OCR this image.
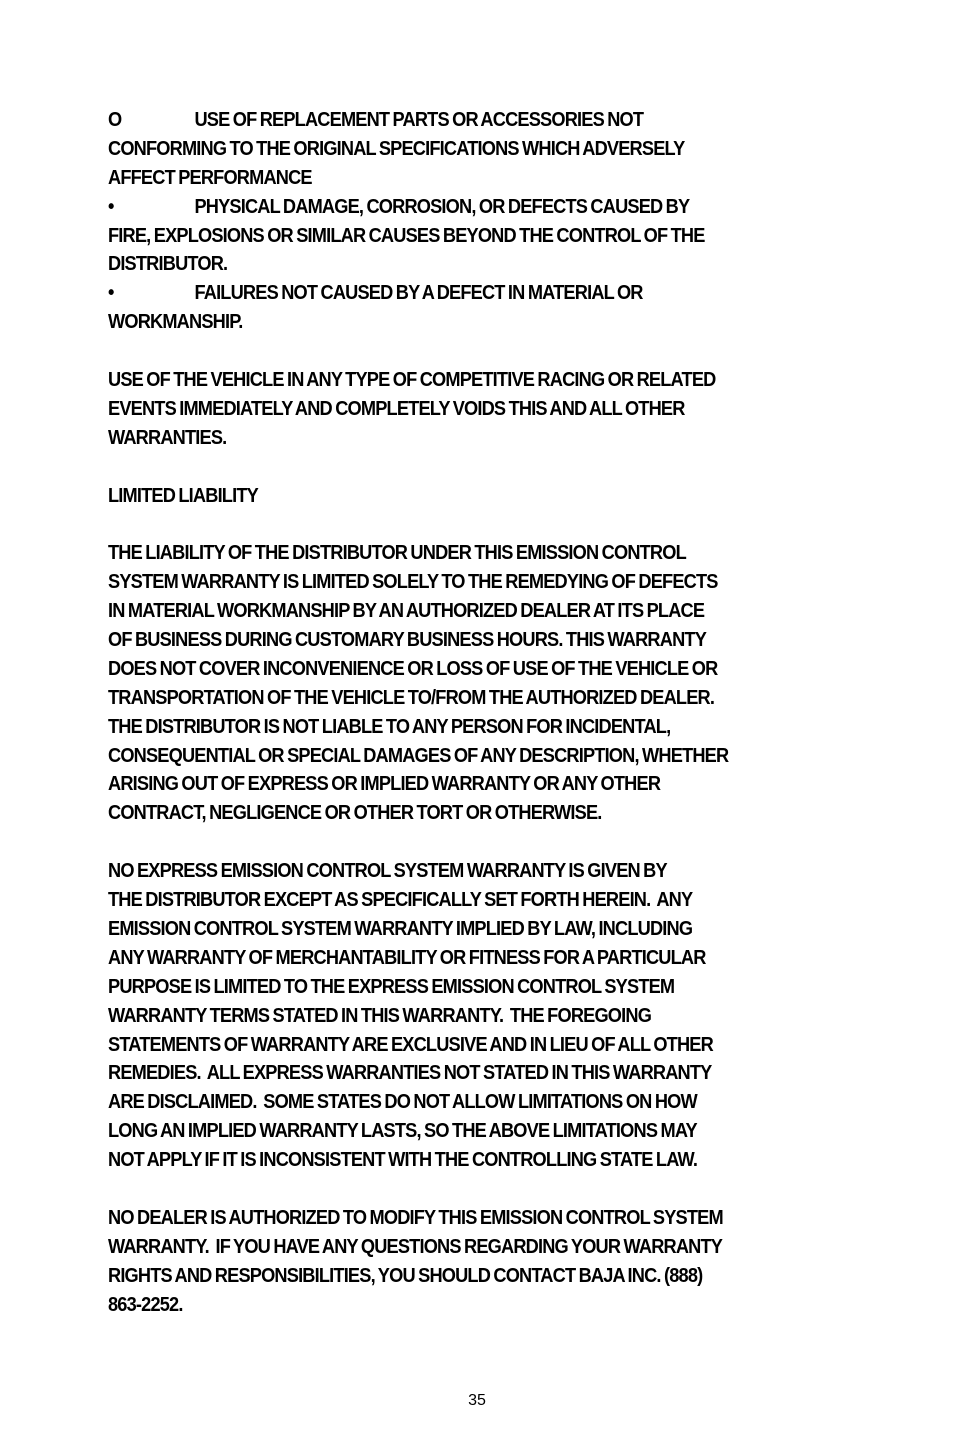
O	USE OF REPLACEMENT PARTS OR ACCESSORIES NOT
CONFORMING TO THE ORIGINAL SPECIFICATIONS WHICH ADVERSELY
AFFECT PERFORMANCE
•	PHYSICAL DAMAGE, CORROSION, OR DEFECTS CAUSED BY
FIRE, EXPLOSIONS OR SIMILAR CAUSES BEYOND THE CONTROL OF THE
DISTRIBUTOR.
•	FAILURES NOT CAUSED BY A DEFECT IN MATERIAL OR
WORKMANSHIP.
USE OF THE VEHICLE IN ANY TYPE OF COMPETITIVE RACING OR RELATED
EVENTS IMMEDIATELY AND COMPLETELY VOIDS THIS AND ALL OTHER
WARRANTIES.
LIMITED LIABILITY
THE LIABILITY OF THE DISTRIBUTOR UNDER THIS EMISSION CONTROL
SYSTEM WARRANTY IS LIMITED SOLELY TO THE REMEDYING OF DEFECTS
IN MATERIAL WORKMANSHIP BY AN AUTHORIZED DEALER AT ITS PLACE
OF BUSINESS DURING CUSTOMARY BUSINESS HOURS. THIS WARRANTY
DOES NOT COVER INCONVENIENCE OR LOSS OF USE OF THE VEHICLE OR
TRANSPORTATION OF THE VEHICLE TO/FROM THE AUTHORIZED DEALER.
THE DISTRIBUTOR IS NOT LIABLE TO ANY PERSON FOR INCIDENTAL,
CONSEQUENTIAL OR SPECIAL DAMAGES OF ANY DESCRIPTION, WHETHER
ARISING OUT OF EXPRESS OR IMPLIED WARRANTY OR ANY OTHER
CONTRACT, NEGLIGENCE OR OTHER TORT OR OTHERWISE.
NO EXPRESS EMISSION CONTROL SYSTEM WARRANTY IS GIVEN BY
THE DISTRIBUTOR EXCEPT AS SPECIFICALLY SET FORTH HEREIN.  ANY
EMISSION CONTROL SYSTEM WARRANTY IMPLIED BY LAW, INCLUDING
ANY WARRANTY OF MERCHANTABILITY OR FITNESS FOR A PARTICULAR
PURPOSE IS LIMITED TO THE EXPRESS EMISSION CONTROL SYSTEM
WARRANTY TERMS STATED IN THIS WARRANTY.  THE FOREGOING
STATEMENTS OF WARRANTY ARE EXCLUSIVE AND IN LIEU OF ALL OTHER
REMEDIES.  ALL EXPRESS WARRANTIES NOT STATED IN THIS WARRANTY
ARE DISCLAIMED.  SOME STATES DO NOT ALLOW LIMITATIONS ON HOW
LONG AN IMPLIED WARRANTY LASTS, SO THE ABOVE LIMITATIONS MAY
NOT APPLY IF IT IS INCONSISTENT WITH THE CONTROLLING STATE LAW.
NO DEALER IS AUTHORIZED TO MODIFY THIS EMISSION CONTROL SYSTEM
WARRANTY.  IF YOU HAVE ANY QUESTIONS REGARDING YOUR WARRANTY
RIGHTS AND RESPONSIBILITIES, YOU SHOULD CONTACT BAJA INC. (888)
863-2252.
35
